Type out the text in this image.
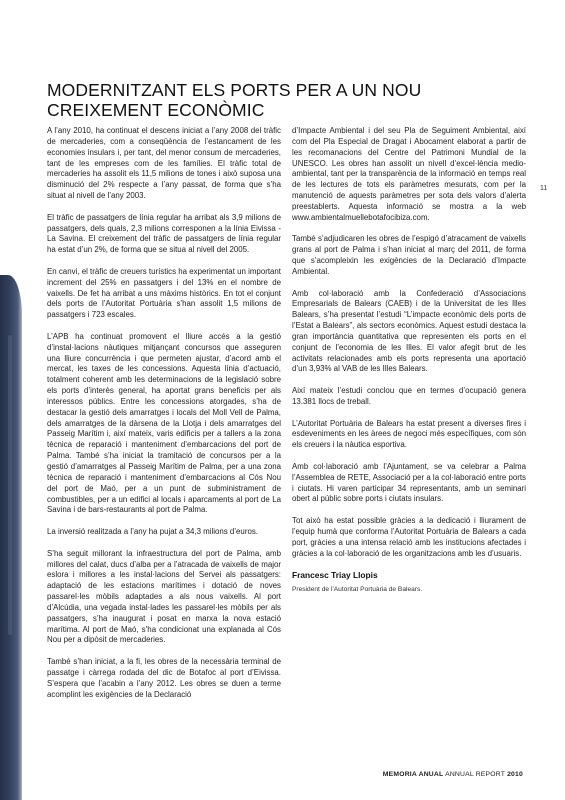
11
MODERNITZANT ELS PORTS PER A UN NOU CREIXEMENT ECONÒMIC

A l’any 2010, ha continuat el descens iniciat a l’any 2008 del tràfic de mercaderies, com a conseqüència de l’estancament de les economies insulars i, per tant, del menor consum de mercaderies, tant de les empreses com de les famílies. El tràfic total de mercaderies ha assolit els 11,5 milions de tones i això suposa una disminució del 2% respecte a l’any passat, de forma que s’ha situat al nivell de l’any 2003.

El tràfic de passatgers de línia regular ha arribat als 3,9 milions de passatgers, dels quals, 2,3 milions corresponen a la línia Eivissa - La Savina. El creixement del tràfic de passatgers de línia regular ha estat d’un 2%, de forma que se situa al nivell del 2005.

En canvi, el tràfic de creuers turístics ha experimentat un important increment del 25% en passatgers i del 13% en el nombre de vaixells. De fet ha arribat a uns màxims històrics. En tot el conjunt dels ports de l’Autoritat Portuària s’han assolit 1,5 milions de passatgers i 723 escales.

L’APB ha continuat promovent el lliure accés a la gestió d’instal·lacions nàutiques mitjançant concursos que asseguren una lliure concurrència i que permeten ajustar, d’acord amb el mercat, les taxes de les concessions. Aquesta línia d’actuació, totalment coherent amb les determinacions de la legislació sobre els ports d’interès general, ha aportat grans beneficis per als interessos públics. Entre les concessions atorgades, s’ha de destacar la gestió dels amarratges i locals del Moll Vell de Palma, dels amarratges de la dàrsena de la Llotja i dels amarratges del Passeig Marítim i, així mateix, varis edificis per a tallers a la zona tècnica de reparació i manteniment d’embarcacions del port de Palma. També s’ha iniciat la tramitació de concursos per a la gestió d’amarratges al Passeig Marítim de Palma, per a una zona tècnica de reparació i manteniment d’embarcacions al Cós Nou del port de Maó, per a un punt de subministrament de combustibles, per a un edifici al locals i aparcaments al port de La Savina i de bars-restaurants al port de Palma.

La inversió realitzada a l’any ha pujat a 34,3 milions d’euros.

S’ha seguit millorant la infraestructura del port de Palma, amb millores del calat, ducs d’alba per a l’atracada de vaixells de major eslora i millores a les instal·lacions del Servei als passatgers: adaptació de les estacions marítimes i dotació de noves passarel·les mòbils adaptades a als nous vaixells. Al port d’Alcúdia, una vegada instal·lades les passarel·les mòbils per als passatgers, s’ha inaugurat i posat en marxa la nova estació marítima. Al port de Maó, s’ha condicionat una explanada al Cós Nou per a dipòsit de mercaderies.

També s’han iniciat, a la fi, les obres de la necessària terminal de passatge i càrrega rodada del dic de Botafoc al port d’Eivissa. S’espera que l’acabin a l’any 2012. Les obres se duen a terme acomplint les exigències de la Declaració

d’Impacte Ambiental i del seu Pla de Seguiment Ambiental, així com del Pla Especial de Dragat i Abocament elaborat a partir de les recomanacions del Centre del Patrimoni Mundial de la UNESCO. Les obres han assolit un nivell d’excel·lència medio-ambiental, tant per la transparència de la informació en temps real de les lectures de tots els paràmetres mesurats, com per la manutenció de aquests paràmetres per sota dels valors d’alerta preestablerts. Aquesta informació se mostra a la web www.ambientalmuellebotafocibiza.com.

També s’adjudicaren les obres de l’espigó d’atracament de vaixells grans al port de Palma i s’han iniciat al març del 2011, de forma que s’acompleixin les exigències de la Declaració d’Impacte Ambiental.

Amb col·laboració amb la Confederació d’Associacions Empresarials de Balears (CAEB) i de la Universitat de les Illes Balears, s’ha presentat l’estudi “L’impacte econòmic dels ports de l’Estat a Balears”, als sectors econòmics. Aquest estudi destaca la gran importància quantitativa que representen els ports en el conjunt de l’economia de les Illes. El valor afegit brut de les activitats relacionades amb els ports representa una aportació d’un 3,93% al VAB de les Illes Balears.

Així mateix l’estudi conclou que en termes d’ocupació genera 13.381 llocs de treball.

L’Autoritat Portuària de Balears ha estat present a diverses fires i esdeveniments en les àrees de negoci més específiques, com són els creuers i la nàutica esportiva.

Amb col·laboració amb l’Ajuntament, se va celebrar a Palma l’Assemblea de RETE, Associació per a la col·laboració entre ports i ciutats. Hi varen participar 34 representants, amb un seminari obert al públic sobre ports i ciutats insulars.

Tot això ha estat possible gràcies a la dedicació i lliurament de l’equip humà que conforma l’Autoritat Portuària de Balears a cada port, gràcies a una intensa relació amb les institucions afectades i gràcies a la col·laboració de les organitzacions amb les d’usuaris.

Francesc Triay Llopis
President de l’Autoritat Portuària de Balears.
MEMORIA ANUAL ANNUAL REPORT 2010
